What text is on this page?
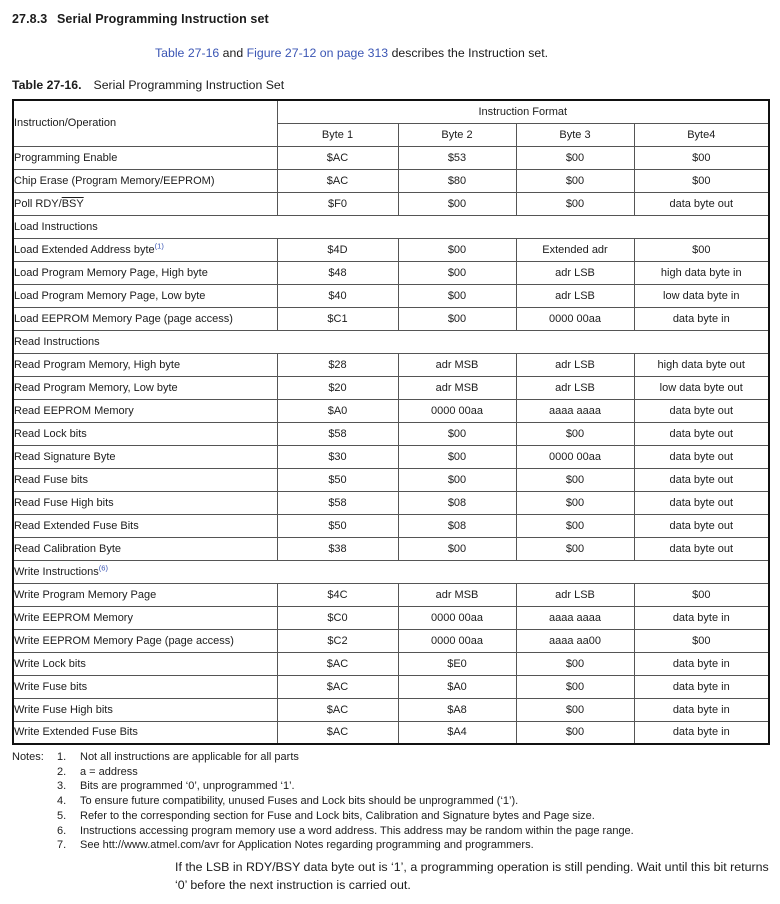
27.8.3 Serial Programming Instruction set
Table 27-16 and Figure 27-12 on page 313 describes the Instruction set.
Table 27-16. Serial Programming Instruction Set
Instruction/Operation	Instruction Format			
	Byte 1	Byte 2	Byte 3	Byte4
Programming Enable	$AC	$53	$00	$00
Chip Erase (Program Memory/EEPROM)	$AC	$80	$00	$00
Poll RDY/$\overline{BSY}$	$F0	$00	$00	data byte out
Load Instructions				
Load Extended Address byte$^{(1)}$	$4D	$00	Extended adr	$00
Load Program Memory Page, High byte	$48	$00	adr LSB	high data byte in
Load Program Memory Page, Low byte	$40	$00	adr LSB	low data byte in
Load EEPROM Memory Page (page access)	$C1	$00	0000 00aa	data byte in
Read Instructions				
Read Program Memory, High byte	$28	adr MSB	adr LSB	high data byte out
Read Program Memory, Low byte	$20	adr MSB	adr LSB	low data byte out
Read EEPROM Memory	$A0	0000 00aa	aaaa aaaa	data byte out
Read Lock bits	$58	$00	$00	data byte out
Read Signature Byte	$30	$00	0000 00aa	data byte out
Read Fuse bits	$50	$00	$00	data byte out
Read Fuse High bits	$58	$08	$00	data byte out
Read Extended Fuse Bits	$50	$08	$00	data byte out
Read Calibration Byte	$38	$00	$00	data byte out
Write Instructions$^{(6)}$
Write Program Memory Page	$4C	adr MSB	adr LSB	$00
Write EEPROM Memory	$C0	0000 00aa	aaaa aaaa	data byte in
Write EEPROM Memory Page (page access)	$C2	0000 00aa	aaaa aa00	$00
Write Lock bits	$AC	$E0	$00	data byte in
Write Fuse bits	$AC	$A0	$00	data byte in
Write Fuse High bits	$AC	$A8	$00	data byte in
Write Extended Fuse Bits	$AC	$A4	$00	data byte in
Notes:	1.	Not all instructions are applicable for all parts
2.	a = address
3.	Bits are programmed ‘0’, unprogrammed ‘1’.
4.	To ensure future compatibility, unused Fuses and Lock bits should be unprogrammed (‘1’).
5.	Refer to the corresponding section for Fuse and Lock bits, Calibration and Signature bytes and Page size.
6.	Instructions accessing program memory use a word address. This address may be random within the page range.
7.	See htt://www.atmel.com/avr for Application Notes regarding programming and programmers.
If the LSB in RDY/BSY data byte out is ‘1’, a programming operation is still pending. Wait until this bit returns ‘0’ before the next instruction is carried out.
